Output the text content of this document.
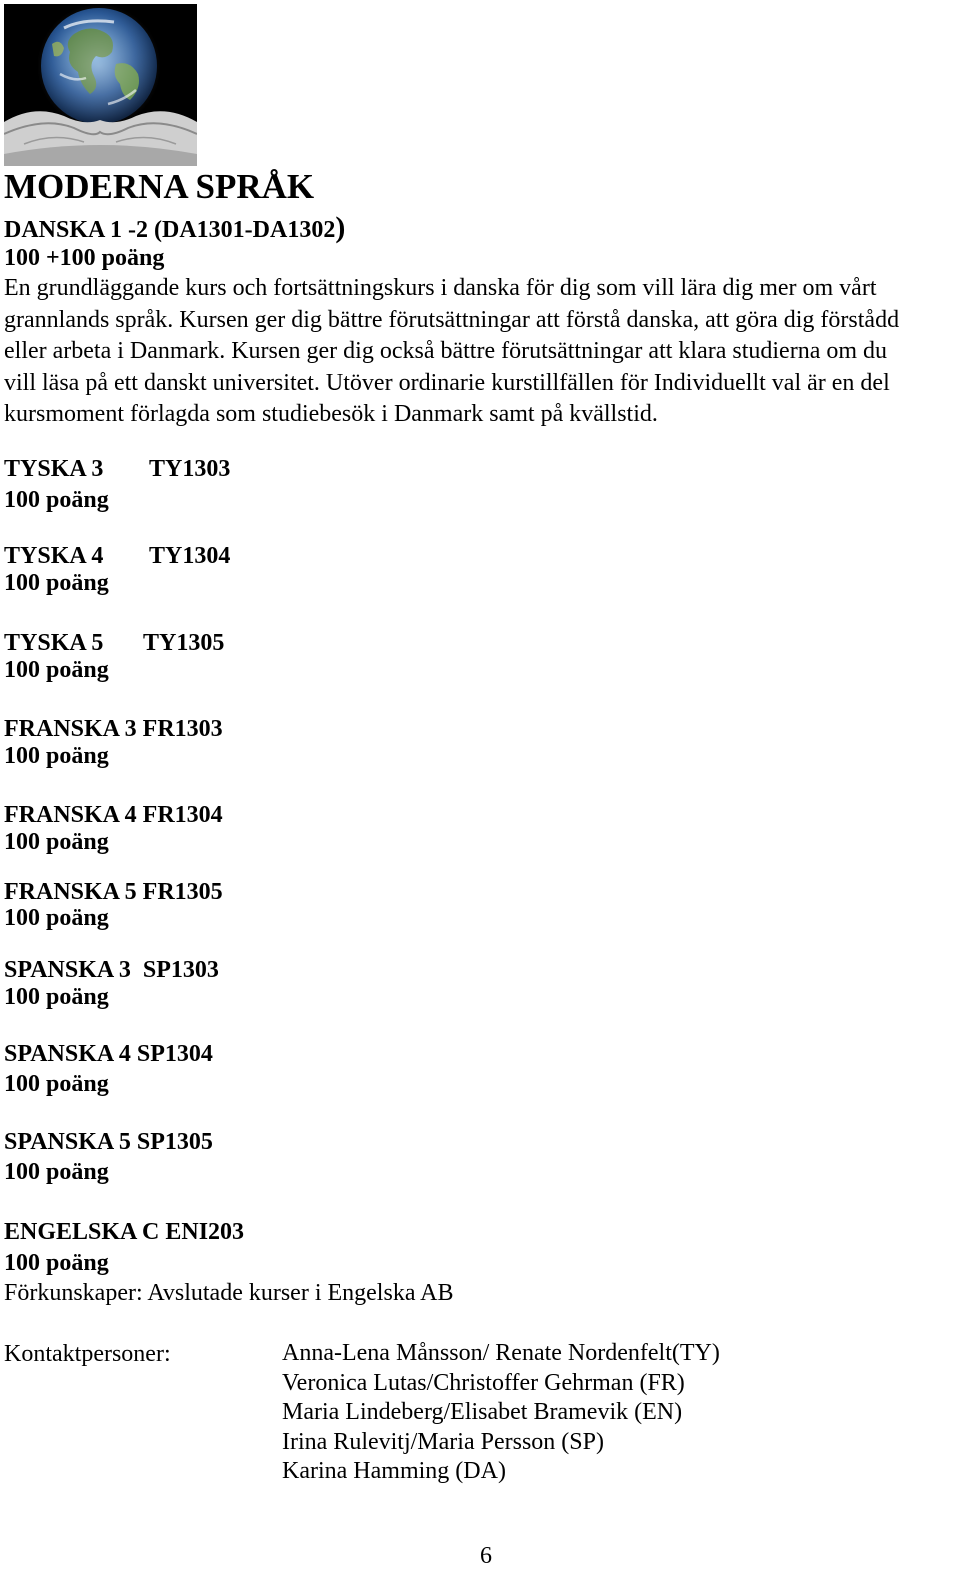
MODERNA SPRÅK
DANSKA 1 -2 (DA1301-DA1302)
100 +100 poäng

En grundläggande kurs och fortsättningskurs i danska för dig som vill lära dig mer om vårt
grannlands språk. Kursen ger dig bättre förutsättningar att förstå danska, att göra dig förstådd
eller arbeta i Danmark. Kursen ger dig också bättre förutsättningar att klara studierna om du
vill läsa på ett danskt universitet. Utöver ordinarie kurstillfällen för Individuellt val är en del
kursmoment förlagda som studiebesök i Danmark samt på kvällstid.

TYSKA 3 TY1303
100 poäng
TYSKA 4 TY1304
100 poäng
TYSKA 5 TY1305
100 poäng
FRANSKA 3 FR1303
100 poäng
FRANSKA 4 FR1304
100 poäng
FRANSKA 5 FR1305
100 poäng
SPANSKA 3  SP1303
100 poäng
SPANSKA 4 SP1304
100 poäng
SPANSKA 5 SP1305
100 poäng
ENGELSKA C ENI203
100 poäng
Förkunskaper: Avslutade kurser i Engelska AB
Kontaktpersoner:	Anna-Lena Månsson/ Renate Nordenfelt(TY)
Veronica Lutas/Christoffer Gehrman (FR)
Maria Lindeberg/Elisabet Bramevik (EN)
Irina Rulevitj/Maria Persson (SP)
Karina Hamming (DA)
6
